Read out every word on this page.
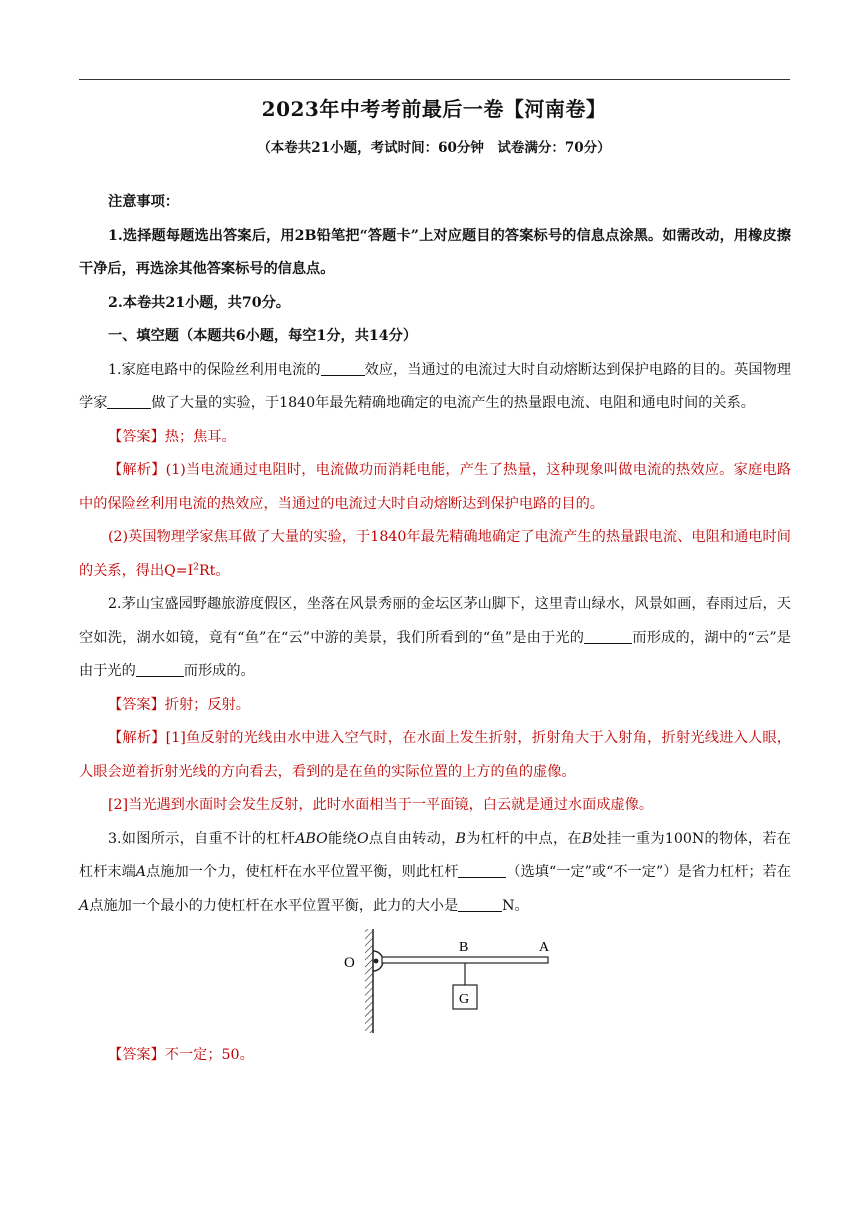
2023年中考考前最后一卷【河南卷】
（本卷共21小题，考试时间：60分钟　试卷满分：70分）

注意事项：

1.选择题每题选出答案后，用2B铅笔把“答题卡”上对应题目的答案标号的信息点涂黑。如需改动，用橡皮擦干净后，再选涂其他答案标号的信息点。

2.本卷共21小题，共70分。

一、填空题（本题共6小题，每空1分，共14分）

1.家庭电路中的保险丝利用电流的	效应，当通过的电流过大时自动熔断达到保护电路的目的。英国物理学家	做了大量的实验，于1840年最先精确地确定的电流产生的热量跟电流、电阻和通电时间的关系。

【答案】热；焦耳。

【解析】(1)当电流通过电阻时，电流做功而消耗电能，产生了热量，这种现象叫做电流的热效应。家庭电路中的保险丝利用电流的热效应，当通过的电流过大时自动熔断达到保护电路的目的。

(2)英国物理学家焦耳做了大量的实验，于1840年最先精确地确定了电流产生的热量跟电流、电阻和通电时间的关系，得出$Q=I^2Rt$。

2.茅山宝盛园野趣旅游度假区，坐落在风景秀丽的金坛区茅山脚下，这里青山绿水，风景如画，春雨过后，天空如洗，湖水如镜，竟有“鱼”在“云”中游的美景，我们所看到的“鱼”是由于光的	而形成的，湖中的“云”是由于光的	而形成的。

【答案】折射；反射。

【解析】[1]鱼反射的光线由水中进入空气时，在水面上发生折射，折射角大于入射角，折射光线进入人眼，人眼会逆着折射光线的方向看去，看到的是在鱼的实际位置的上方的鱼的虚像。

[2]当光遇到水面时会发生反射，此时水面相当于一平面镜，白云就是通过水面成虚像。

3.如图所示，自重不计的杠杆ABO能绕O点自由转动，B为杠杆的中点，在B处挂一重为100N的物体，若在杠杆末端A点施加一个力，使杠杆在水平位置平衡，则此杠杆	（选填“一定”或“不一定”）是省力杠杆；若在A点施加一个最小的力使杠杆在水平位置平衡，此力的大小是	N。

O
B	A
G

【答案】不一定；50。
